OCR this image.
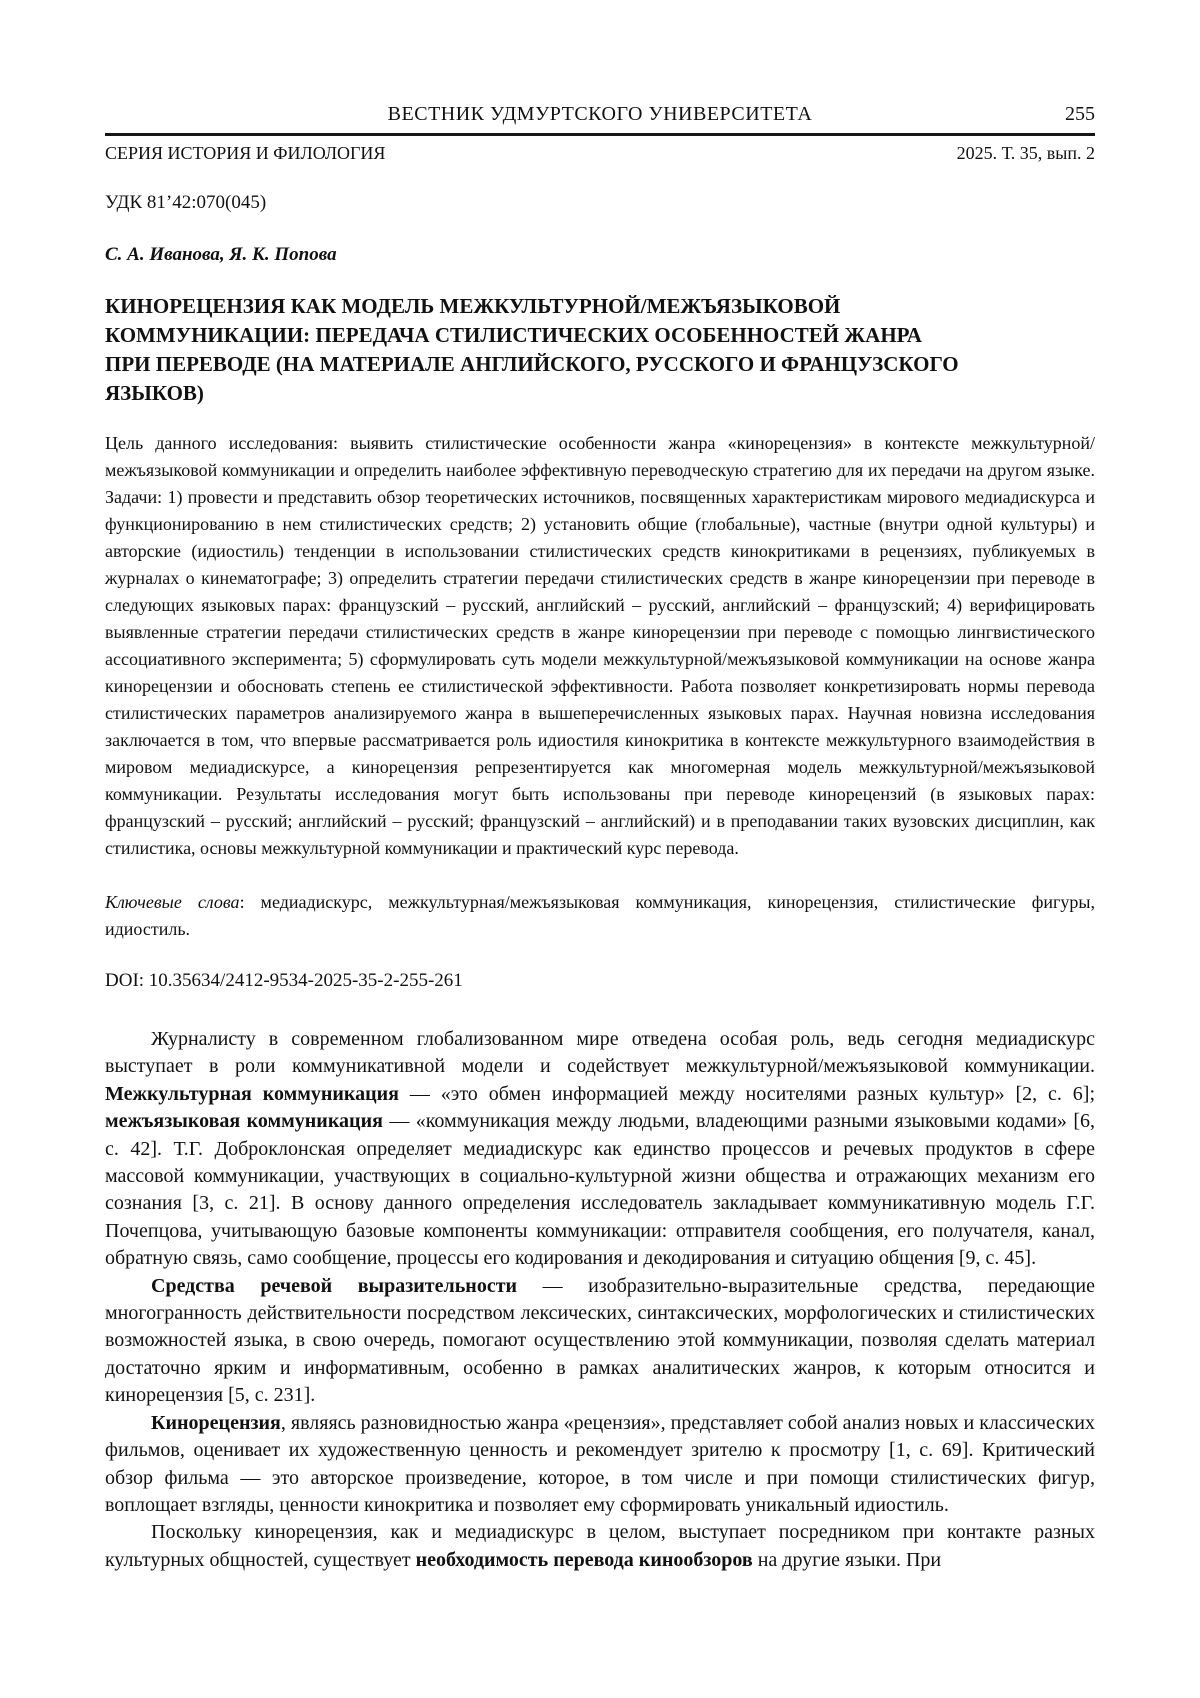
ВЕСТНИК УДМУРТСКОГО УНИВЕРСИТЕТА	255
СЕРИЯ ИСТОРИЯ И ФИЛОЛОГИЯ	2025. Т. 35, вып. 2
УДК 81’42:070(045)
С. А. Иванова, Я. К. Попова
КИНОРЕЦЕНЗИЯ КАК МОДЕЛЬ МЕЖКУЛЬТУРНОЙ/МЕЖЪЯЗЫКОВОЙ
КОММУНИКАЦИИ: ПЕРЕДАЧА СТИЛИСТИЧЕСКИХ ОСОБЕННОСТЕЙ ЖАНРА
ПРИ ПЕРЕВОДЕ (НА МАТЕРИАЛЕ АНГЛИЙСКОГО, РУССКОГО И ФРАНЦУЗСКОГО
ЯЗЫКОВ)

Цель данного исследования: выявить стилистические особенности жанра «кинорецензия» в контексте межкультурной/межъязыковой коммуникации и определить наиболее эффективную переводческую стратегию для их передачи на другом языке. Задачи: 1) провести и представить обзор теоретических источников, посвященных характеристикам мирового медиадискурса и функционированию в нем стилистических средств; 2) установить общие (глобальные), частные (внутри одной культуры) и авторские (идиостиль) тенденции в использовании стилистических средств кинокритиками в рецензиях, публикуемых в журналах о кинематографе; 3) определить стратегии передачи стилистических средств в жанре кинорецензии при переводе в следующих языковых парах: французский – русский, английский – русский, английский – французский; 4) верифицировать выявленные стратегии передачи стилистических средств в жанре кинорецензии при переводе с помощью лингвистического ассоциативного эксперимента; 5) сформулировать суть модели межкультурной/межъязыковой коммуникации на основе жанра кинорецензии и обосновать степень ее стилистической эффективности. Работа позволяет конкретизировать нормы перевода стилистических параметров анализируемого жанра в вышеперечисленных языковых парах. Научная новизна исследования заключается в том, что впервые рассматривается роль идиостиля кинокритика в контексте межкультурного взаимодействия в мировом медиадискурсе, а кинорецензия репрезентируется как многомерная модель межкультурной/межъязыковой коммуникации. Результаты исследования могут быть использованы при переводе кинорецензий (в языковых парах: французский – русский; английский – русский; французский – английский) и в преподавании таких вузовских дисциплин, как стилистика, основы межкультурной коммуникации и практический курс перевода.

Ключевые слова: медиадискурс, межкультурная/межъязыковая коммуникация, кинорецензия, стилистические фигуры, идиостиль.

DOI: 10.35634/2412-9534-2025-35-2-255-261

Журналисту в современном глобализованном мире отведена особая роль, ведь сегодня медиадискурс выступает в роли коммуникативной модели и содействует межкультурной/межъязыковой коммуникации. Межкультурная коммуникация — «это обмен информацией между носителями разных культур» [2, с. 6]; межъязыковая коммуникация — «коммуникация между людьми, владеющими разными языковыми кодами» [6, с. 42]. Т.Г. Доброклонская определяет медиадискурс как единство процессов и речевых продуктов в сфере массовой коммуникации, участвующих в социально-культурной жизни общества и отражающих механизм его сознания [3, с. 21]. В основу данного определения исследователь закладывает коммуникативную модель Г.Г. Почепцова, учитывающую базовые компоненты коммуникации: отправителя сообщения, его получателя, канал, обратную связь, само сообщение, процессы его кодирования и декодирования и ситуацию общения [9, с. 45].

Средства речевой выразительности — изобразительно-выразительные средства, передающие многогранность действительности посредством лексических, синтаксических, морфологических и стилистических возможностей языка, в свою очередь, помогают осуществлению этой коммуникации, позволяя сделать материал достаточно ярким и информативным, особенно в рамках аналитических жанров, к которым относится и кинорецензия [5, с. 231].

Кинорецензия, являясь разновидностью жанра «рецензия», представляет собой анализ новых и классических фильмов, оценивает их художественную ценность и рекомендует зрителю к просмотру [1, с. 69]. Критический обзор фильма — это авторское произведение, которое, в том числе и при помощи стилистических фигур, воплощает взгляды, ценности кинокритика и позволяет ему сформировать уникальный идиостиль.

Поскольку кинорецензия, как и медиадискурс в целом, выступает посредником при контакте разных культурных общностей, существует необходимость перевода кинообзоров на другие языки. При
